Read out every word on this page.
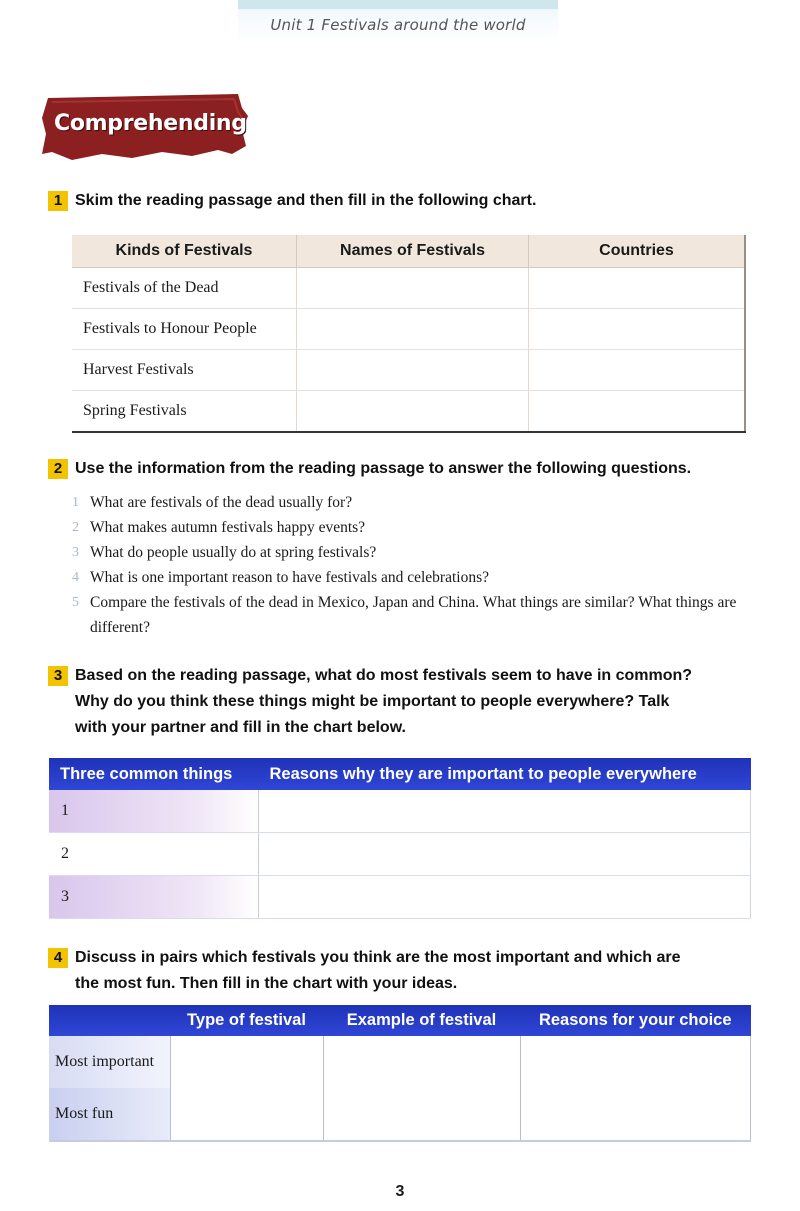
Unit 1 Festivals around the world
Comprehending
1 Skim the reading passage and then fill in the following chart.
Kinds of Festivals	Names of Festivals	Countries
Festivals of the Dead		
Festivals to Honour People		
Harvest Festivals		
Spring Festivals		
2 Use the information from the reading passage to answer the following questions.
1 What are festivals of the dead usually for?
2 What makes autumn festivals happy events?
3 What do people usually do at spring festivals?
4 What is one important reason to have festivals and celebrations?
5 Compare the festivals of the dead in Mexico, Japan and China. What things are similar? What things are different?
3 Based on the reading passage, what do most festivals seem to have in common?
Why do you think these things might be important to people everywhere? Talk
with your partner and fill in the chart below.
Three common things	Reasons why they are important to people everywhere
1	
2	
3	
4 Discuss in pairs which festivals you think are the most important and which are
the most fun. Then fill in the chart with your ideas.
	Type of festival	Example of festival	Reasons for your choice
Most important			
Most fun			
3
